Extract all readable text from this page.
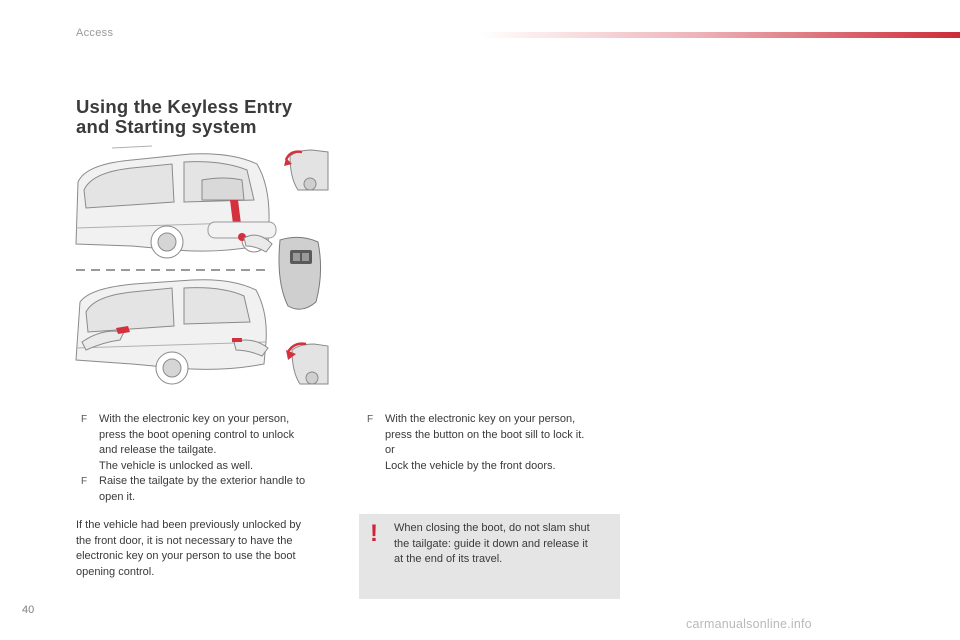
Access
Using the Keyless Entry
and Starting system

F With the electronic key on your person,
press the boot opening control to unlock
and release the tailgate.
The vehicle is unlocked as well.

F Raise the tailgate by the exterior handle to
open it.

If the vehicle had been previously unlocked by
the front door, it is not necessary to have the
electronic key on your person to use the boot
opening control.

F With the electronic key on your person,
press the button on the boot sill to lock it.
or
Lock the vehicle by the front doors.

! When closing the boot, do not slam shut
the tailgate: guide it down and release it
at the end of its travel.

40
carmanualsonline.info
